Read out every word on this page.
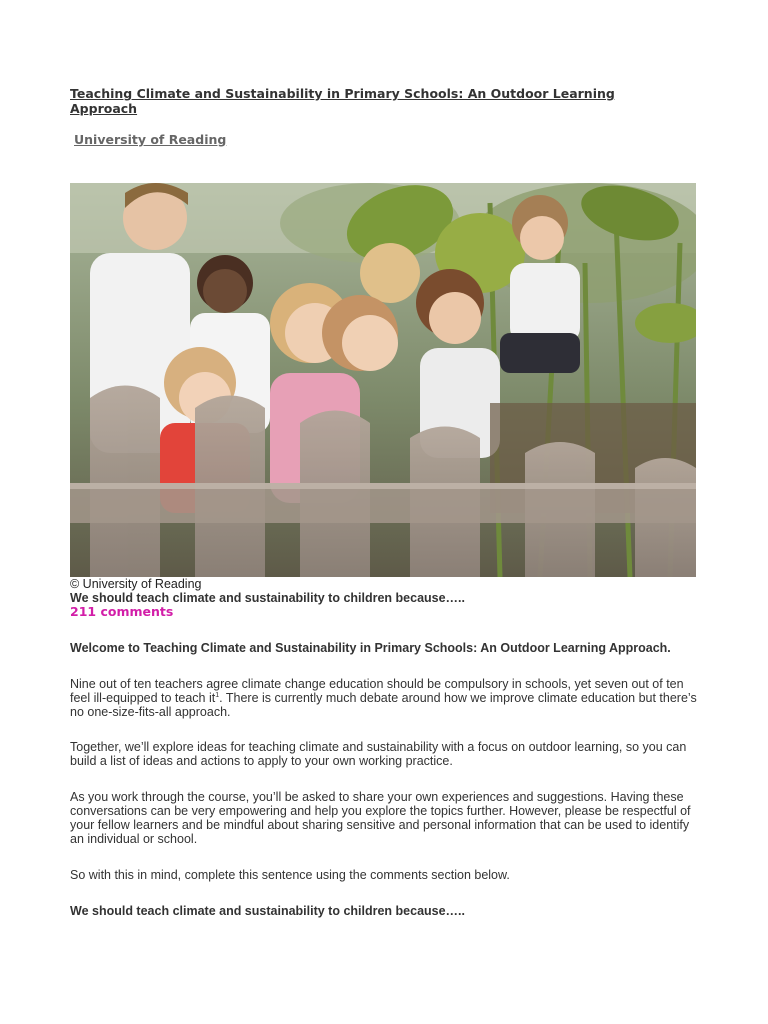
Teaching Climate and Sustainability in Primary Schools: An Outdoor Learning Approach
University of Reading
© University of Reading
We should teach climate and sustainability to children because…..
211 comments

Welcome to Teaching Climate and Sustainability in Primary Schools: An Outdoor Learning Approach.

Nine out of ten teachers agree climate change education should be compulsory in schools, yet seven out of ten feel ill-equipped to teach $it^1$. There is currently much debate around how we improve climate education but there’s no one-size-fits-all approach.

Together, we’ll explore ideas for teaching climate and sustainability with a focus on outdoor learning, so you can build a list of ideas and actions to apply to your own working practice.

As you work through the course, you’ll be asked to share your own experiences and suggestions. Having these conversations can be very empowering and help you explore the topics further. However, please be respectful of your fellow learners and be mindful about sharing sensitive and personal information that can be used to identify an individual or school.

So with this in mind, complete this sentence using the comments section below.

We should teach climate and sustainability to children because…..
